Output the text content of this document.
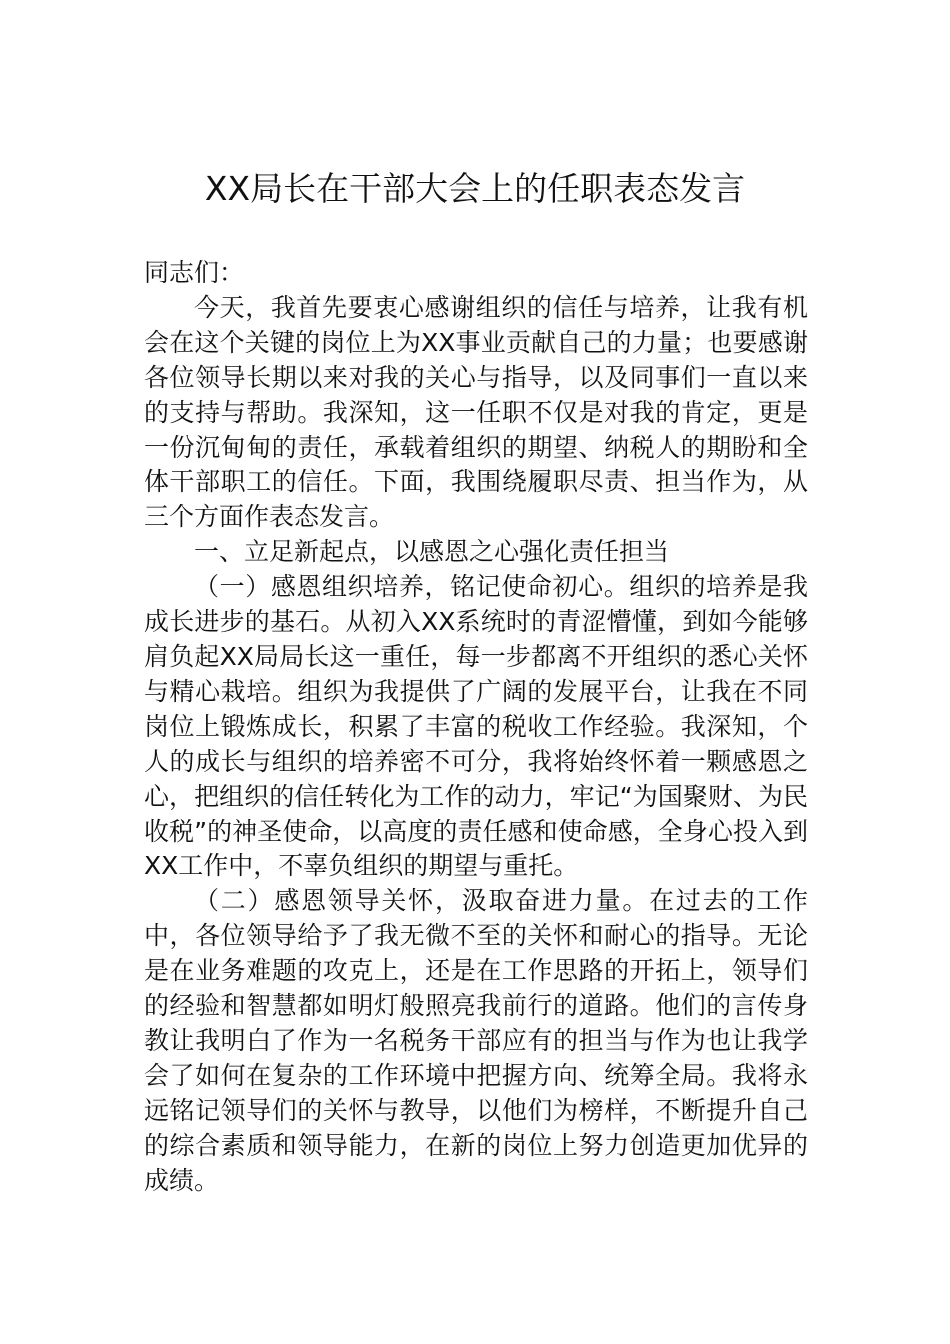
XX局长在干部大会上的任职表态发言

同志们：

今天，我首先要衷心感谢组织的信任与培养，让我有机会在这个关键的岗位上为XX事业贡献自己的力量；也要感谢各位领导长期以来对我的关心与指导，以及同事们一直以来的支持与帮助。我深知，这一任职不仅是对我的肯定，更是一份沉甸甸的责任，承载着组织的期望、纳税人的期盼和全体干部职工的信任。下面，我围绕履职尽责、担当作为，从三个方面作表态发言。

一、立足新起点，以感恩之心强化责任担当

（一）感恩组织培养，铭记使命初心。组织的培养是我成长进步的基石。从初入XX系统时的青涩懵懂，到如今能够肩负起XX局局长这一重任，每一步都离不开组织的悉心关怀与精心栽培。组织为我提供了广阔的发展平台，让我在不同岗位上锻炼成长，积累了丰富的税收工作经验。我深知，个人的成长与组织的培养密不可分，我将始终怀着一颗感恩之心，把组织的信任转化为工作的动力，牢记“为国聚财、为民收税”的神圣使命，以高度的责任感和使命感，全身心投入到XX工作中，不辜负组织的期望与重托。

（二）感恩领导关怀，汲取奋进力量。在过去的工作中，各位领导给予了我无微不至的关怀和耐心的指导。无论是在业务难题的攻克上，还是在工作思路的开拓上，领导们的经验和智慧都如明灯般照亮我前行的道路。他们的言传身教让我明白了作为一名税务干部应有的担当与作为也让我学会了如何在复杂的工作环境中把握方向、统筹全局。我将永远铭记领导们的关怀与教导，以他们为榜样，不断提升自己的综合素质和领导能力，在新的岗位上努力创造更加优异的成绩。
